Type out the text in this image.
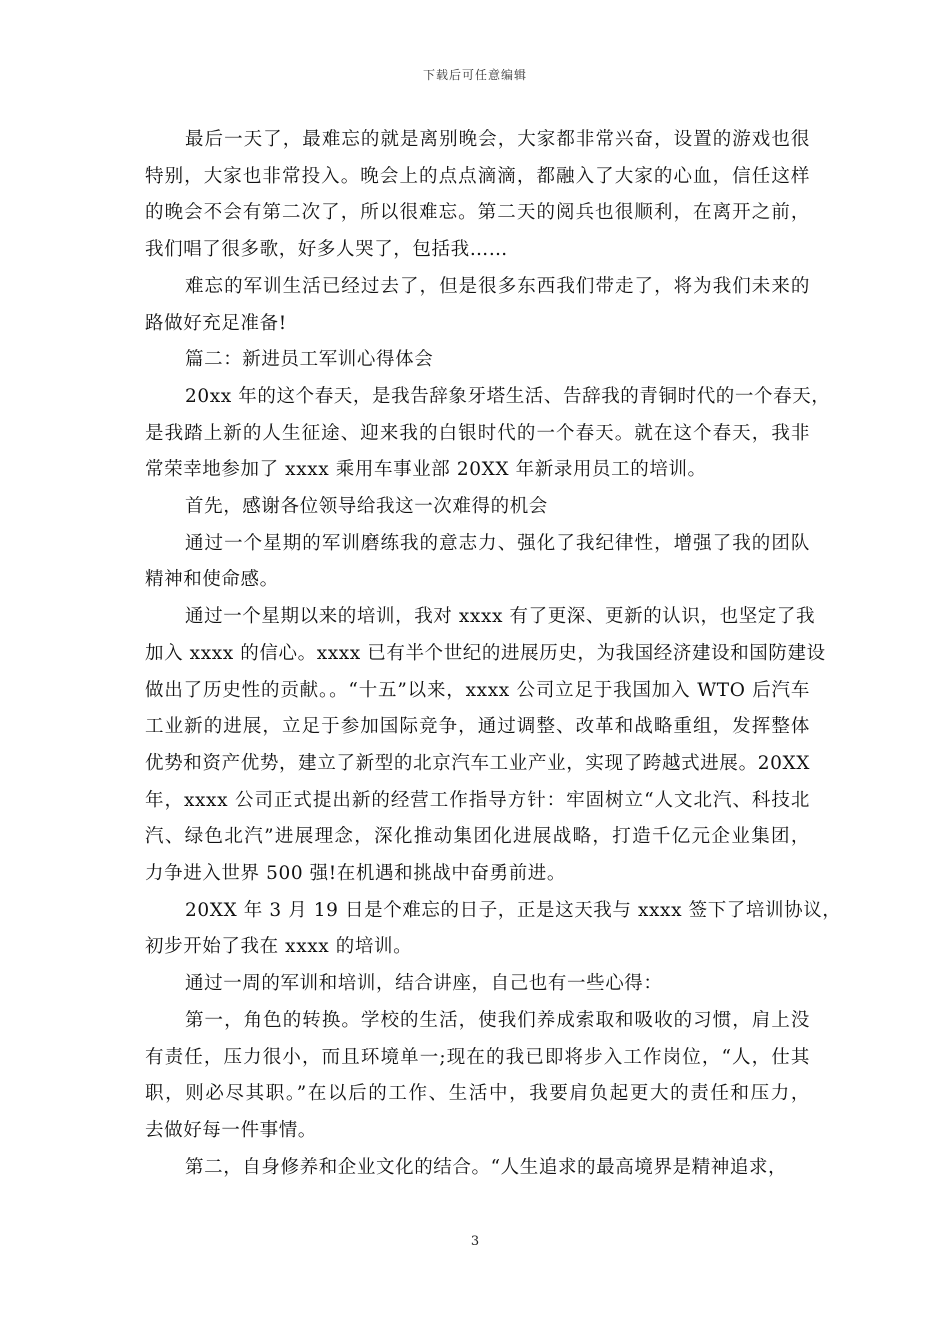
下载后可任意编辑
最后一天了，最难忘的就是离别晚会，大家都非常兴奋，设置的游戏也很
特别，大家也非常投入。晚会上的点点滴滴，都融入了大家的心血，信任这样
的晚会不会有第二次了，所以很难忘。第二天的阅兵也很顺利，在离开之前，
我们唱了很多歌，好多人哭了，包括我……
难忘的军训生活已经过去了，但是很多东西我们带走了，将为我们未来的
路做好充足准备!
篇二：新进员工军训心得体会
20xx 年的这个春天，是我告辞象牙塔生活、告辞我的青铜时代的一个春天，
是我踏上新的人生征途、迎来我的白银时代的一个春天。就在这个春天，我非
常荣幸地参加了 xxxx 乘用车事业部 20XX 年新录用员工的培训。
首先，感谢各位领导给我这一次难得的机会
通过一个星期的军训磨练我的意志力、强化了我纪律性，增强了我的团队
精神和使命感。
通过一个星期以来的培训，我对 xxxx 有了更深、更新的认识，也坚定了我
加入 xxxx 的信心。xxxx 已有半个世纪的进展历史，为我国经济建设和国防建设
做出了历史性的贡献。。“十五”以来，xxxx 公司立足于我国加入 WTO 后汽车
工业新的进展，立足于参加国际竞争，通过调整、改革和战略重组，发挥整体
优势和资产优势，建立了新型的北京汽车工业产业，实现了跨越式进展。20XX
年，xxxx 公司正式提出新的经营工作指导方针：牢固树立“人文北汽、科技北
汽、绿色北汽”进展理念，深化推动集团化进展战略，打造千亿元企业集团，
力争进入世界 500 强!在机遇和挑战中奋勇前进。
20XX 年 3 月 19 日是个难忘的日子，正是这天我与 xxxx 签下了培训协议，
初步开始了我在 xxxx 的培训。
通过一周的军训和培训，结合讲座，自己也有一些心得：
第一，角色的转换。学校的生活，使我们养成索取和吸收的习惯，肩上没
有责任，压力很小，而且环境单一;现在的我已即将步入工作岗位，“人，仕其
职，则必尽其职。”在以后的工作、生活中，我要肩负起更大的责任和压力，
去做好每一件事情。
第二，自身修养和企业文化的结合。“人生追求的最高境界是精神追求，
3
